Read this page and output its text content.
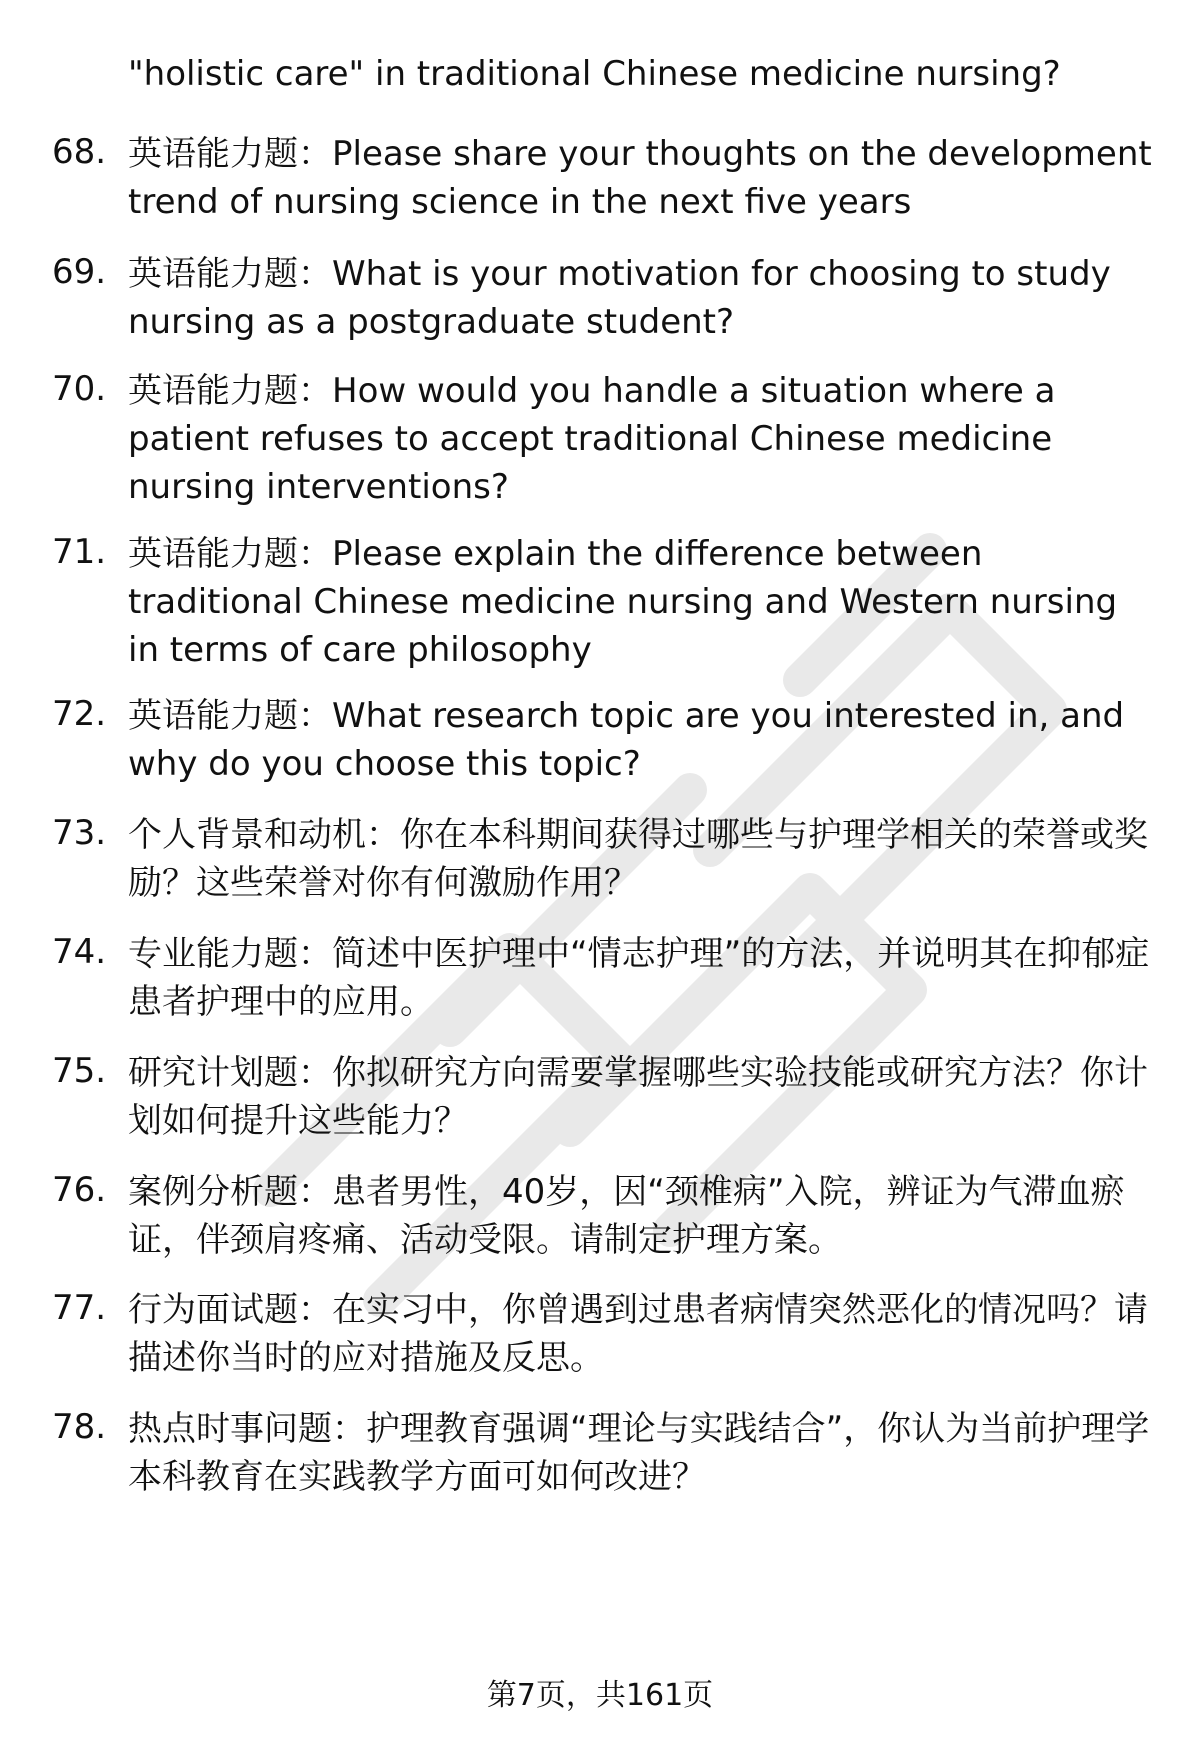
"holistic care" in traditional Chinese medicine nursing?
68. 英语能力题：Please share your thoughts on the development trend of nursing science in the next five years
69. 英语能力题：What is your motivation for choosing to study nursing as a postgraduate student?
70. 英语能力题：How would you handle a situation where a patient refuses to accept traditional Chinese medicine nursing interventions?
71. 英语能力题：Please explain the difference between traditional Chinese medicine nursing and Western nursing in terms of care philosophy
72. 英语能力题：What research topic are you interested in, and why do you choose this topic?
73. 个人背景和动机：你在本科期间获得过哪些与护理学相关的荣誉或奖励？这些荣誉对你有何激励作用？
74. 专业能力题：简述中医护理中“情志护理”的方法，并说明其在抑郁症患者护理中的应用。
75. 研究计划题：你拟研究方向需要掌握哪些实验技能或研究方法？你计划如何提升这些能力？
76. 案例分析题：患者男性，40岁，因“颈椎病”入院，辨证为气滞血瘀证，伴颈肩疼痛、活动受限。请制定护理方案。
77. 行为面试题：在实习中，你曾遇到过患者病情突然恶化的情况吗？请描述你当时的应对措施及反思。
78. 热点时事问题：护理教育强调“理论与实践结合”，你认为当前护理学本科教育在实践教学方面可如何改进？
第7页，共161页
